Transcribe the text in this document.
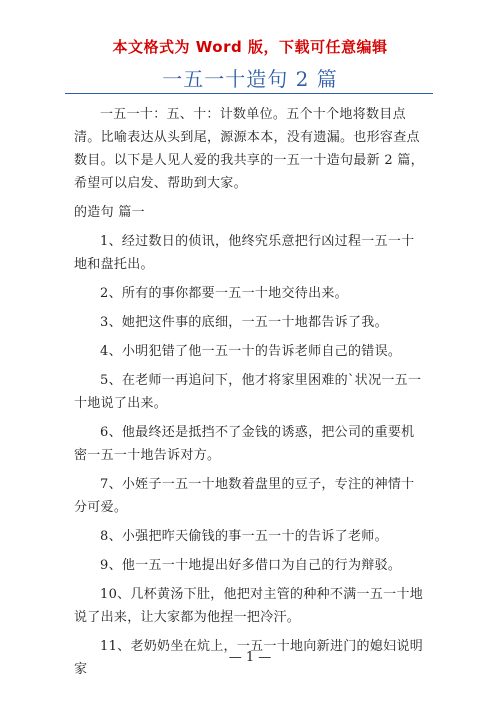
本文格式为 Word 版，下载可任意编辑
一五一十造句 2 篇

一五一十：五、十：计数单位。五个十个地将数目点清。比喻表达从头到尾，源源本本，没有遗漏。也形容查点数目。以下是人见人爱的我共享的一五一十造句最新 2 篇，希望可以启发、帮助到大家。

的造句 篇一

1、经过数日的侦讯，他终究乐意把行凶过程一五一十地和盘托出。

2、所有的事你都要一五一十地交待出来。

3、她把这件事的底细，一五一十地都告诉了我。

4、小明犯错了他一五一十的告诉老师自己的错误。

5、在老师一再追问下，他才将家里困难的`状况一五一十地说了出来。

6、他最终还是抵挡不了金钱的诱惑，把公司的重要机密一五一十地告诉对方。

7、小姪子一五一十地数着盘里的豆子，专注的神情十分可爱。

8、小强把昨天偷钱的事一五一十的告诉了老师。

9、他一五一十地提出好多借口为自己的行为辩驳。

10、几杯黄汤下肚，他把对主管的种种不满一五一十地说了出来，让大家都为他捏一把冷汗。

11、老奶奶坐在炕上，一五一十地向新进门的媳妇说明家

— 1 —
